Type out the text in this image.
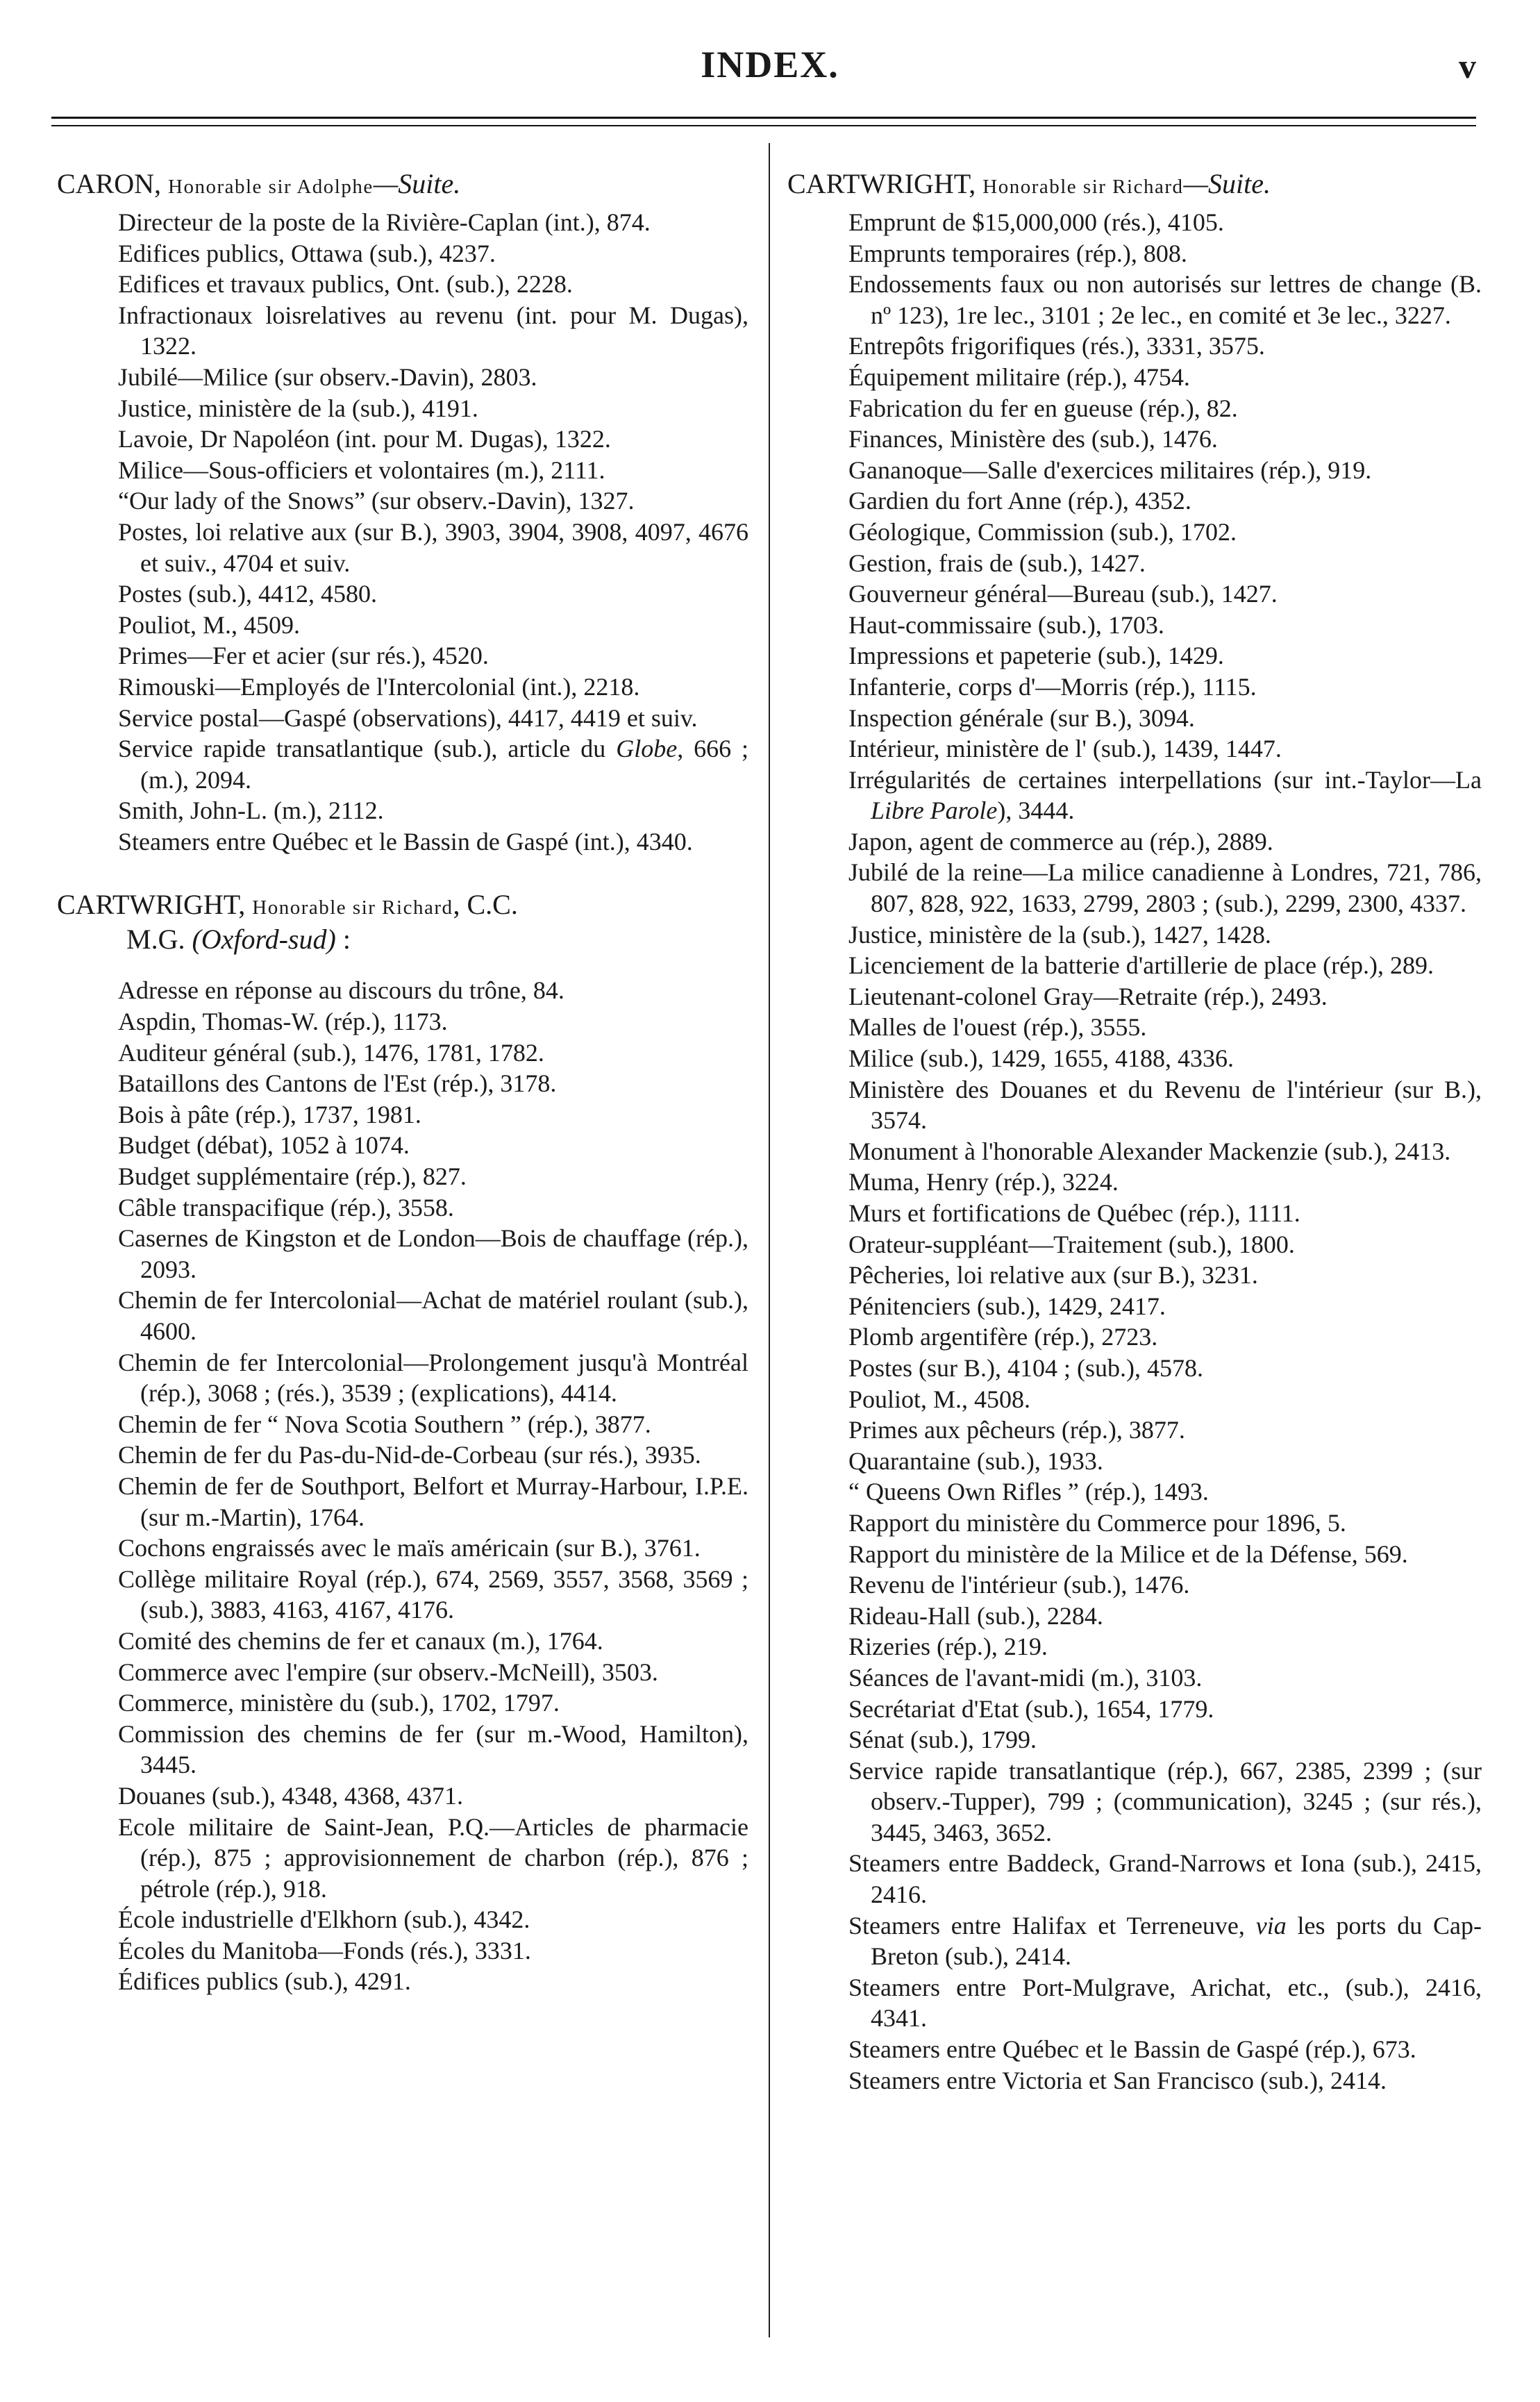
INDEX.	v

CARON, Honorable sir Adolphe—Suite.

Directeur de la poste de la Rivière-Caplan (int.), 874.

Edifices publics, Ottawa (sub.), 4237.

Edifices et travaux publics, Ont. (sub.), 2228.

Infractionaux loisrelatives au revenu (int. pour M. Dugas), 1322.

Jubilé—Milice (sur observ.-Davin), 2803.

Justice, ministère de la (sub.), 4191.

Lavoie, Dr Napoléon (int. pour M. Dugas), 1322.

Milice—Sous-officiers et volontaires (m.), 2111.

“Our lady of the Snows” (sur observ.-Davin), 1327.

Postes, loi relative aux (sur B.), 3903, 3904, 3908, 4097, 4676 et suiv., 4704 et suiv.

Postes (sub.), 4412, 4580.

Pouliot, M., 4509.

Primes—Fer et acier (sur rés.), 4520.

Rimouski—Employés de l'Intercolonial (int.), 2218.

Service postal—Gaspé (observations), 4417, 4419 et suiv.

Service rapide transatlantique (sub.), article du Globe, 666 ; (m.), 2094.

Smith, John-L. (m.), 2112.

Steamers entre Québec et le Bassin de Gaspé (int.), 4340.

CARTWRIGHT, Honorable sir Richard, C.C.
M.G. (Oxford-sud) :

Adresse en réponse au discours du trône, 84.

Aspdin, Thomas-W. (rép.), 1173.

Auditeur général (sub.), 1476, 1781, 1782.

Bataillons des Cantons de l'Est (rép.), 3178.

Bois à pâte (rép.), 1737, 1981.

Budget (débat), 1052 à 1074.

Budget supplémentaire (rép.), 827.

Câble transpacifique (rép.), 3558.

Casernes de Kingston et de London—Bois de chauffage (rép.), 2093.

Chemin de fer Intercolonial—Achat de matériel roulant (sub.), 4600.

Chemin de fer Intercolonial—Prolongement jusqu'à Montréal (rép.), 3068 ; (rés.), 3539 ; (explications), 4414.

Chemin de fer “ Nova Scotia Southern ” (rép.), 3877.

Chemin de fer du Pas-du-Nid-de-Corbeau (sur rés.), 3935.

Chemin de fer de Southport, Belfort et Murray-Harbour, I.P.E. (sur m.-Martin), 1764.

Cochons engraissés avec le maïs américain (sur B.), 3761.

Collège militaire Royal (rép.), 674, 2569, 3557, 3568, 3569 ; (sub.), 3883, 4163, 4167, 4176.

Comité des chemins de fer et canaux (m.), 1764.

Commerce avec l'empire (sur observ.-McNeill), 3503.

Commerce, ministère du (sub.), 1702, 1797.

Commission des chemins de fer (sur m.-Wood, Hamilton), 3445.

Douanes (sub.), 4348, 4368, 4371.

Ecole militaire de Saint-Jean, P.Q.—Articles de pharmacie (rép.), 875 ; approvisionnement de charbon (rép.), 876 ; pétrole (rép.), 918.

École industrielle d'Elkhorn (sub.), 4342.

Écoles du Manitoba—Fonds (rés.), 3331.

Édifices publics (sub.), 4291.

CARTWRIGHT, Honorable sir Richard—Suite.

Emprunt de $15,000,000 (rés.), 4105.

Emprunts temporaires (rép.), 808.

Endossements faux ou non autorisés sur lettres de change (B. nº 123), 1re lec., 3101 ; 2e lec., en comité et 3e lec., 3227.

Entrepôts frigorifiques (rés.), 3331, 3575.

Équipement militaire (rép.), 4754.

Fabrication du fer en gueuse (rép.), 82.

Finances, Ministère des (sub.), 1476.

Gananoque—Salle d'exercices militaires (rép.), 919.

Gardien du fort Anne (rép.), 4352.

Géologique, Commission (sub.), 1702.

Gestion, frais de (sub.), 1427.

Gouverneur général—Bureau (sub.), 1427.

Haut-commissaire (sub.), 1703.

Impressions et papeterie (sub.), 1429.

Infanterie, corps d'—Morris (rép.), 1115.

Inspection générale (sur B.), 3094.

Intérieur, ministère de l' (sub.), 1439, 1447.

Irrégularités de certaines interpellations (sur int.-Taylor—La Libre Parole), 3444.

Japon, agent de commerce au (rép.), 2889.

Jubilé de la reine—La milice canadienne à Londres, 721, 786, 807, 828, 922, 1633, 2799, 2803 ; (sub.), 2299, 2300, 4337.

Justice, ministère de la (sub.), 1427, 1428.

Licenciement de la batterie d'artillerie de place (rép.), 289.

Lieutenant-colonel Gray—Retraite (rép.), 2493.

Malles de l'ouest (rép.), 3555.

Milice (sub.), 1429, 1655, 4188, 4336.

Ministère des Douanes et du Revenu de l'intérieur (sur B.), 3574.

Monument à l'honorable Alexander Mackenzie (sub.), 2413.

Muma, Henry (rép.), 3224.

Murs et fortifications de Québec (rép.), 1111.

Orateur-suppléant—Traitement (sub.), 1800.

Pêcheries, loi relative aux (sur B.), 3231.

Pénitenciers (sub.), 1429, 2417.

Plomb argentifère (rép.), 2723.

Postes (sur B.), 4104 ; (sub.), 4578.

Pouliot, M., 4508.

Primes aux pêcheurs (rép.), 3877.

Quarantaine (sub.), 1933.

“ Queens Own Rifles ” (rép.), 1493.

Rapport du ministère du Commerce pour 1896, 5.

Rapport du ministère de la Milice et de la Défense, 569.

Revenu de l'intérieur (sub.), 1476.

Rideau-Hall (sub.), 2284.

Rizeries (rép.), 219.

Séances de l'avant-midi (m.), 3103.

Secrétariat d'Etat (sub.), 1654, 1779.

Sénat (sub.), 1799.

Service rapide transatlantique (rép.), 667, 2385, 2399 ; (sur observ.-Tupper), 799 ; (communication), 3245 ; (sur rés.), 3445, 3463, 3652.

Steamers entre Baddeck, Grand-Narrows et Iona (sub.), 2415, 2416.

Steamers entre Halifax et Terreneuve, via les ports du Cap-Breton (sub.), 2414.

Steamers entre Port-Mulgrave, Arichat, etc., (sub.), 2416, 4341.

Steamers entre Québec et le Bassin de Gaspé (rép.), 673.

Steamers entre Victoria et San Francisco (sub.), 2414.
